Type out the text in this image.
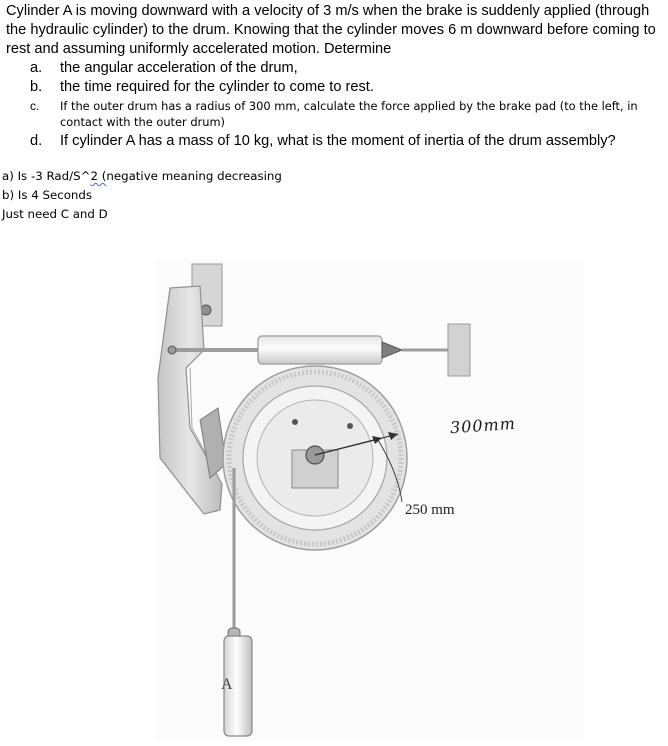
Cylinder A is moving downward with a velocity of 3 m/s when the brake is suddenly applied (through the hydraulic cylinder) to the drum. Knowing that the cylinder moves 6 m downward before coming to rest and assuming uniformly accelerated motion. Determine

a. the angular acceleration of the drum,
b. the time required for the cylinder to come to rest.
c. If the outer drum has a radius of 300 mm, calculate the force applied by the brake pad (to the left, in contact with the outer drum)
d. If cylinder A has a mass of 10 kg, what is the moment of inertia of the drum assembly?
a) Is -3 Rad/S^2 (negative meaning decreasing
b) Is 4 Seconds
Just need C and D
300mm
250 mm
A
